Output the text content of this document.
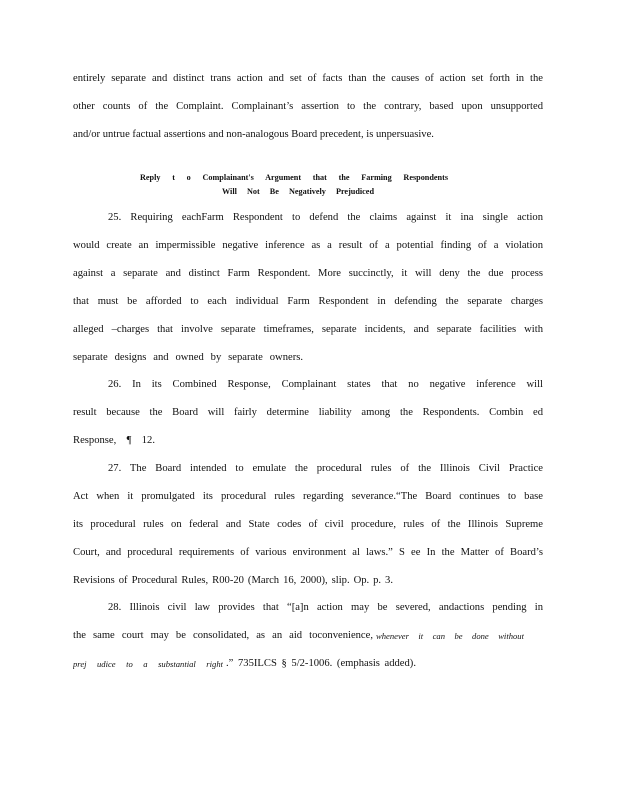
entirely separate and distinct trans action and set of facts than the causes of action set forth in the
other counts of the Complaint. Complainant’s assertion to the contrary, based upon unsupported
and/or untrue factual assertions and non-analogous Board precedent, is unpersuasive.
Reply t o Complainant's Argument that the Farming Respondents
Will Not Be Negatively Prejudiced
25. Requiring eachFarm Respondent to defend the claims against it ina single action
would create an impermissible negative inference as a result of a potential finding of a violation
against a separate and distinct Farm Respondent. More succinctly, it will deny the due process
that must be afforded to each individual Farm Respondent in defending the separate charges
alleged –charges that involve separate timeframes, separate incidents, and separate facilities with
separate designs and owned by separate owners.
26. In its Combined Response, Complainant states that no negative inference will
result because the Board will fairly determine liability among the Respondents. Combin ed
Response, ¶ 12.
27. The Board intended to emulate the procedural rules of the Illinois Civil Practice
Act when it promulgated its procedural rules regarding severance.“The Board continues to base
its procedural rules on federal and State codes of civil procedure, rules of the Illinois Supreme
Court, and procedural requirements of various environment al laws.” S ee In the Matter of Board’s
Revisions of Procedural Rules, R00-20 (March 16, 2000), slip. Op. p. 3.
28. Illinois civil law provides that “[a]n action may be severed, andactions pending in
the same court may be consolidated, as an aid toconvenience, whenever it can be done without
prej udice to a substantial right .” 735ILCS § 5/2-1006. (emphasis added).
